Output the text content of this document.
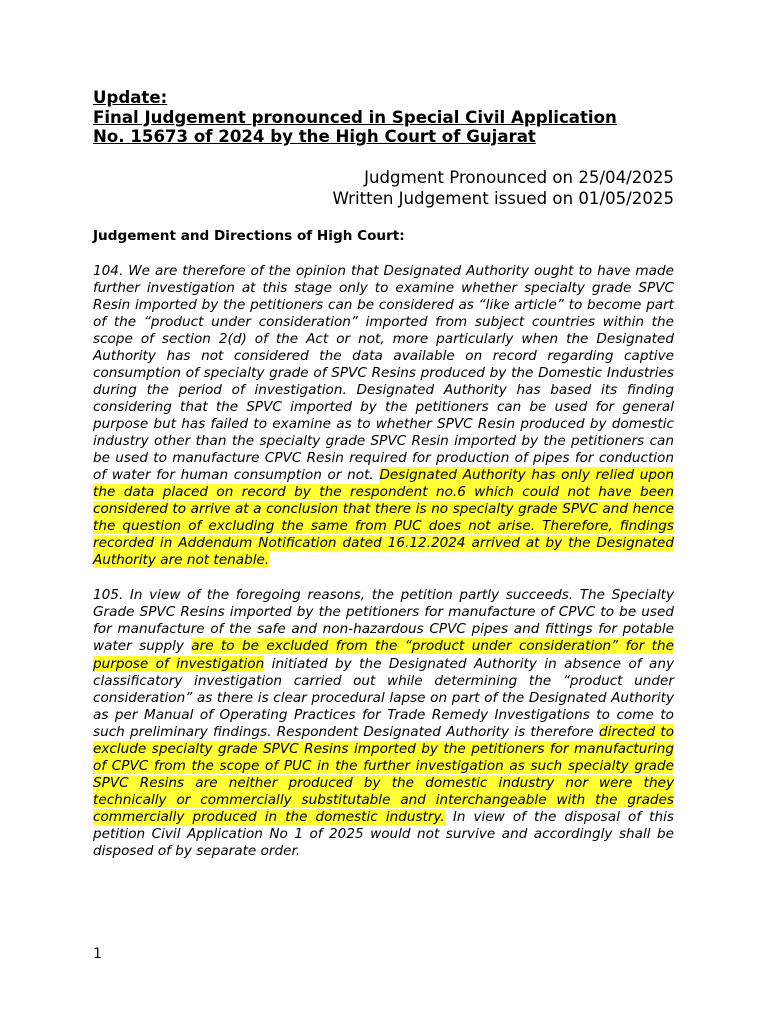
Update:
Final Judgement pronounced in Special Civil Application
No. 15673 of 2024 by the High Court of Gujarat
Judgment Pronounced on 25/04/2025
Written Judgement issued on 01/05/2025
Judgement and Directions of High Court:

104. We are therefore of the opinion that Designated Authority ought to have made further investigation at this stage only to examine whether specialty grade SPVC Resin imported by the petitioners can be considered as “like article” to become part of the “product under consideration” imported from subject countries within the scope of section 2(d) of the Act or not, more particularly when the Designated Authority has not considered the data available on record regarding captive consumption of specialty grade of SPVC Resins produced by the Domestic Industries during the period of investigation. Designated Authority has based its finding considering that the SPVC imported by the petitioners can be used for general purpose but has failed to examine as to whether SPVC Resin produced by domestic industry other than the specialty grade SPVC Resin imported by the petitioners can be used to manufacture CPVC Resin required for production of pipes for conduction of water for human consumption or not. Designated Authority has only relied upon the data placed on record by the respondent no.6 which could not have been considered to arrive at a conclusion that there is no specialty grade SPVC and hence the question of excluding the same from PUC does not arise. Therefore, findings recorded in Addendum Notification dated 16.12.2024 arrived at by the Designated Authority are not tenable.

105. In view of the foregoing reasons, the petition partly succeeds. The Specialty Grade SPVC Resins imported by the petitioners for manufacture of CPVC to be used for manufacture of the safe and non-hazardous CPVC pipes and fittings for potable water supply are to be excluded from the “product under consideration” for the purpose of investigation initiated by the Designated Authority in absence of any classificatory investigation carried out while determining the “product under consideration” as there is clear procedural lapse on part of the Designated Authority as per Manual of Operating Practices for Trade Remedy Investigations to come to such preliminary findings. Respondent Designated Authority is therefore directed to exclude specialty grade SPVC Resins imported by the petitioners for manufacturing of CPVC from the scope of PUC in the further investigation as such specialty grade SPVC Resins are neither produced by the domestic industry nor were they technically or commercially substitutable and interchangeable with the grades commercially produced in the domestic industry. In view of the disposal of this petition Civil Application No 1 of 2025 would not survive and accordingly shall be disposed of by separate order.

1
